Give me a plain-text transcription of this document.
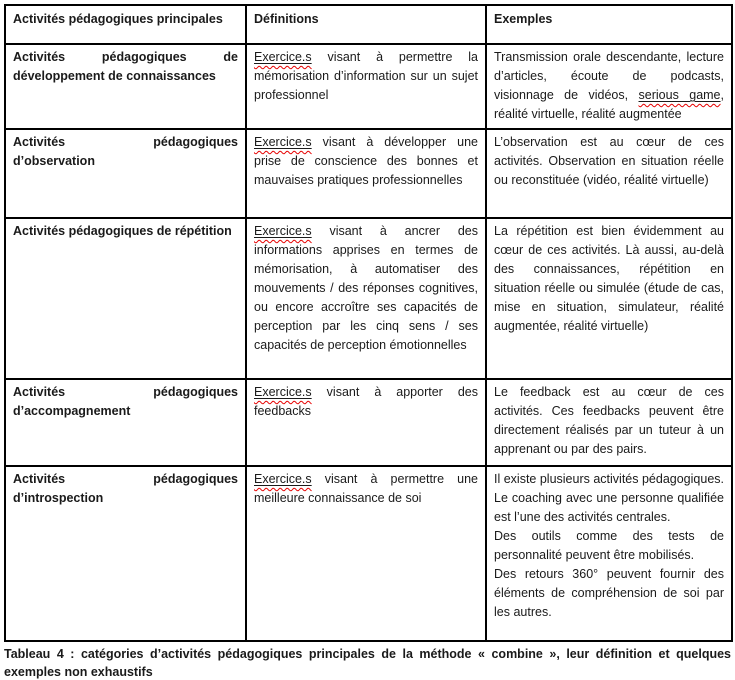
Activités pédagogiques principales	Définitions	Exemples
Activités pédagogiques de développement de connaissances	Exercice.s visant à permettre la mémorisation d’information sur un sujet professionnel	Transmission orale descendante, lecture d’articles, écoute de podcasts, visionnage de vidéos, serious game, réalité virtuelle, réalité augmentée
Activités pédagogiques d’observation	Exercice.s visant à développer une prise de conscience des bonnes et mauvaises pratiques professionnelles	L’observation est au cœur de ces activités. Observation en situation réelle ou reconstituée (vidéo, réalité virtuelle)
Activités pédagogiques de répétition	Exercice.s visant à ancrer des informations apprises en termes de mémorisation, à automatiser des mouvements / des réponses cognitives, ou encore accroître ses capacités de perception par les cinq sens / ses capacités de perception émotionnelles	La répétition est bien évidemment au cœur de ces activités. Là aussi, au-delà des connaissances, répétition en situation réelle ou simulée (étude de cas, mise en situation, simulateur, réalité augmentée, réalité virtuelle)
Activités pédagogiques d’accompagnement	Exercice.s visant à apporter des feedbacks	Le feedback est au cœur de ces activités. Ces feedbacks peuvent être directement réalisés par un tuteur à un apprenant ou par des pairs.
Activités pédagogiques d’introspection	Exercice.s visant à permettre une meilleure connaissance de soi	Il existe plusieurs activités pédagogiques. Le coaching avec une personne qualifiée est l’une des activités centrales.
Des outils comme des tests de personnalité peuvent être mobilisés.
Des retours 360° peuvent fournir des éléments de compréhension de soi par les autres.

Tableau 4 : catégories d’activités pédagogiques principales de la méthode « combine », leur définition et quelques exemples non exhaustifs
